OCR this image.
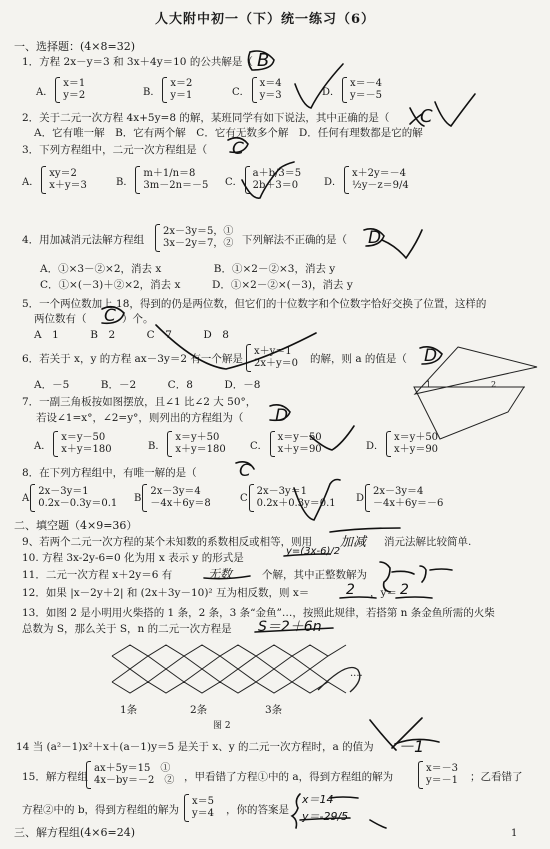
人大附中初一（下）统一练习（6）
一、选择题：(4×8=32)
1．方程 2x－y＝3 和 3x＋4y＝10 的公共解是（ B
A．
x＝1
y＝2	B．
x＝2
y＝1	C．
x＝4
y＝3	D．
x＝－4
y＝－5
2．关于二元一次方程 4x+5y=8 的解，某班同学有如下说法，其中正确的是（ C
A．它有唯一解　B．它有两个解　C．它有无数多个解　D．任何有理数都是它的解
3．下列方程组中，二元一次方程组是（ C
A．
xy＝2
x＋y＝3	B．
m＋1/n＝8
3m－2n＝－5 C．
a＋b/3＝5
2b＋3＝0	D．
x＋2y＝－4
½y－z＝9/4
4．用加减消元法解方程组
2x－3y＝5，①
3x－2y＝7，② 下列解法不正确的是（ D
A．①×3－②×2，消去 x　　　　　B．①×2－②×3，消去 y
C．①×(－3)＋②×2，消去 x　　　D．①×2－②×(－3)，消去 y
5．一个两位数加上 18，得到的仍是两位数，但它们的十位数字和个位数字恰好交换了位置，这样的
两位数有（ C ）个。
A　1　　　B　2　　　C　7　　　D　8
6．若关于 x，y 的方程 ax－3y＝2 有一个解是
x＋y＝1
2x＋y＝0 的解，则 a 的值是（ D
A．－5　　　B．－2　　　C．8　　　D．－8
7．一副三角板按如图摆放，且∠1 比∠2 大 50°，
若设∠1=x°，∠2=y°，则列出的方程组为（ D
A．
x＝y－50
x＋y＝180	B．
x＝y＋50
x＋y＝180 C．
x＝y－50
x＋y＝90	D．
x＝y＋50
x＋y＝90
1	2
8．在下列方程组中，有唯一解的是（ C
A
2x－3y＝1
0.2x－0.3y＝0.1 B
2x－3y＝4
－4x＋6y＝8	C
2x－3y＝1
0.2x＋0.3y＝0.1 D
2x－3y＝4
－4x＋6y＝－6
二、填空题（4×9=36）
9、若两个二元一次方程的某个未知数的系数相反或相等，则用 加减 消元法解比较简单.
10. 方程 3x-2y-6=0 化为用 x 表示 y 的形式是
y=(3x-6)/2
11．二元一次方程 x＋2y＝6 有	无数	个解，其中正整数解为
12．如果 |x－2y＋2| 和 (2x＋3y－10)² 互为相反数，则 x＝	2 ，y＝ 2
13．如图 2 是小明用火柴搭的 1 条，2 条，3 条“金鱼”…，按照此规律，若搭第 n 条金鱼所需的火柴
总数为 S，那么关于 S，n 的二元一次方程是 S＝2＋6n
....
1条	2条	3条
图 2
14 当 (a²－1)x²＋x＋(a－1)y＝5 是关于 x、y 的二元一次方程时，a 的值为 －1
15．解方程组
ax＋5y＝15　①
4x－by＝－2　② ，甲看错了方程①中的 a，得到方程组的解为
x＝－3
y＝－1 ；乙看错了
方程②中的 b，得到方程组的解为
x＝5
y＝4 ，你的答案是
x＝14
y＝-29/5
三、解方程组(4×6=24)	1
